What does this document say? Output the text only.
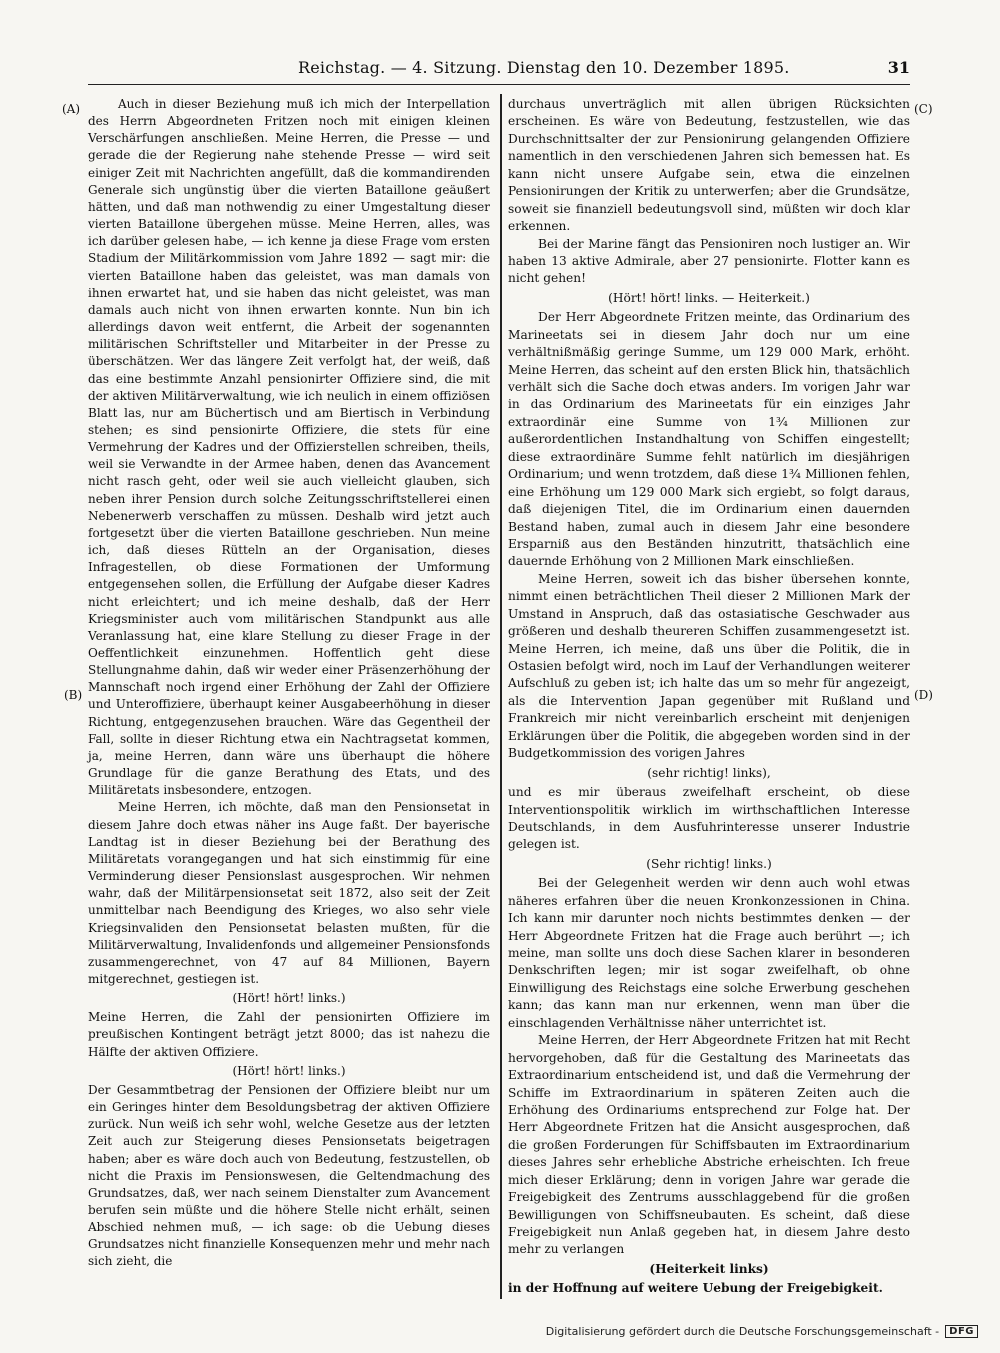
Reichstag. — 4. Sitzung. Dienstag den 10. Dezember 1895.	31
(A)
(B)
(C)
(D)

Auch in dieser Beziehung muß ich mich der Interpellation des Herrn Abgeordneten Fritzen noch mit einigen kleinen Verschärfungen anschließen. Meine Herren, die Presse — und gerade die der Regierung nahe stehende Presse — wird seit einiger Zeit mit Nachrichten angefüllt, daß die kommandirenden Generale sich ungünstig über die vierten Bataillone geäußert hätten, und daß man nothwendig zu einer Umgestaltung dieser vierten Bataillone übergehen müsse. Meine Herren, alles, was ich darüber gelesen habe, — ich kenne ja diese Frage vom ersten Stadium der Militärkommission vom Jahre 1892 — sagt mir: die vierten Bataillone haben das geleistet, was man damals von ihnen erwartet hat, und sie haben das nicht geleistet, was man damals auch nicht von ihnen erwarten konnte. Nun bin ich allerdings davon weit entfernt, die Arbeit der sogenannten militärischen Schriftsteller und Mitarbeiter in der Presse zu überschätzen. Wer das längere Zeit verfolgt hat, der weiß, daß das eine bestimmte Anzahl pensionirter Offiziere sind, die mit der aktiven Militärverwaltung, wie ich neulich in einem offiziösen Blatt las, nur am Büchertisch und am Biertisch in Verbindung stehen; es sind pensionirte Offiziere, die stets für eine Vermehrung der Kadres und der Offizierstellen schreiben, theils, weil sie Verwandte in der Armee haben, denen das Avancement nicht rasch geht, oder weil sie auch vielleicht glauben, sich neben ihrer Pension durch solche Zeitungsschriftstellerei einen Nebenerwerb verschaffen zu müssen. Deshalb wird jetzt auch fortgesetzt über die vierten Bataillone geschrieben. Nun meine ich, daß dieses Rütteln an der Organisation, dieses Infragestellen, ob diese Formationen der Umformung entgegensehen sollen, die Erfüllung der Aufgabe dieser Kadres nicht erleichtert; und ich meine deshalb, daß der Herr Kriegsminister auch vom militärischen Standpunkt aus alle Veranlassung hat, eine klare Stellung zu dieser Frage in der Oeffentlichkeit einzunehmen. Hoffentlich geht diese Stellungnahme dahin, daß wir weder einer Präsenzerhöhung der Mannschaft noch irgend einer Erhöhung der Zahl der Offiziere und Unteroffiziere, überhaupt keiner Ausgabeerhöhung in dieser Richtung, entgegenzusehen brauchen. Wäre das Gegentheil der Fall, sollte in dieser Richtung etwa ein Nachtragsetat kommen, ja, meine Herren, dann wäre uns überhaupt die höhere Grundlage für die ganze Berathung des Etats, und des Militäretats insbesondere, entzogen.

Meine Herren, ich möchte, daß man den Pensionsetat in diesem Jahre doch etwas näher ins Auge faßt. Der bayerische Landtag ist in dieser Beziehung bei der Berathung des Militäretats vorangegangen und hat sich einstimmig für eine Verminderung dieser Pensionslast ausgesprochen. Wir nehmen wahr, daß der Militärpensionsetat seit 1872, also seit der Zeit unmittelbar nach Beendigung des Krieges, wo also sehr viele Kriegsinvaliden den Pensionsetat belasten mußten, für die Militärverwaltung, Invalidenfonds und allgemeiner Pensionsfonds zusammengerechnet, von 47 auf 84 Millionen, Bayern mitgerechnet, gestiegen ist.

(Hört! hört! links.)

Meine Herren, die Zahl der pensionirten Offiziere im preußischen Kontingent beträgt jetzt 8000; das ist nahezu die Hälfte der aktiven Offiziere.

(Hört! hört! links.)

Der Gesammtbetrag der Pensionen der Offiziere bleibt nur um ein Geringes hinter dem Besoldungsbetrag der aktiven Offiziere zurück. Nun weiß ich sehr wohl, welche Gesetze aus der letzten Zeit auch zur Steigerung dieses Pensionsetats beigetragen haben; aber es wäre doch auch von Bedeutung, festzustellen, ob nicht die Praxis im Pensionswesen, die Geltendmachung des Grundsatzes, daß, wer nach seinem Dienstalter zum Avancement berufen sein müßte und die höhere Stelle nicht erhält, seinen Abschied nehmen muß, — ich sage: ob die Uebung dieses Grundsatzes nicht finanzielle Konsequenzen mehr und mehr nach sich zieht, die

durchaus unverträglich mit allen übrigen Rücksichten erscheinen. Es wäre von Bedeutung, festzustellen, wie das Durchschnittsalter der zur Pensionirung gelangenden Offiziere namentlich in den verschiedenen Jahren sich bemessen hat. Es kann nicht unsere Aufgabe sein, etwa die einzelnen Pensionirungen der Kritik zu unterwerfen; aber die Grundsätze, soweit sie finanziell bedeutungsvoll sind, müßten wir doch klar erkennen.

Bei der Marine fängt das Pensioniren noch lustiger an. Wir haben 13 aktive Admirale, aber 27 pensionirte. Flotter kann es nicht gehen!

(Hört! hört! links. — Heiterkeit.)

Der Herr Abgeordnete Fritzen meinte, das Ordinarium des Marineetats sei in diesem Jahr doch nur um eine verhältnißmäßig geringe Summe, um 129 000 Mark, erhöht. Meine Herren, das scheint auf den ersten Blick hin, thatsächlich verhält sich die Sache doch etwas anders. Im vorigen Jahr war in das Ordinarium des Marineetats für ein einziges Jahr extraordinär eine Summe von 1¾ Millionen zur außerordentlichen Instandhaltung von Schiffen eingestellt; diese extraordinäre Summe fehlt natürlich im diesjährigen Ordinarium; und wenn trotzdem, daß diese 1¾ Millionen fehlen, eine Erhöhung um 129 000 Mark sich ergiebt, so folgt daraus, daß diejenigen Titel, die im Ordinarium einen dauernden Bestand haben, zumal auch in diesem Jahr eine besondere Ersparniß aus den Beständen hinzutritt, thatsächlich eine dauernde Erhöhung von 2 Millionen Mark einschließen.

Meine Herren, soweit ich das bisher übersehen konnte, nimmt einen beträchtlichen Theil dieser 2 Millionen Mark der Umstand in Anspruch, daß das ostasiatische Geschwader aus größeren und deshalb theureren Schiffen zusammengesetzt ist. Meine Herren, ich meine, daß uns über die Politik, die in Ostasien befolgt wird, noch im Lauf der Verhandlungen weiterer Aufschluß zu geben ist; ich halte das um so mehr für angezeigt, als die Intervention Japan gegenüber mit Rußland und Frankreich mir nicht vereinbarlich erscheint mit denjenigen Erklärungen über die Politik, die abgegeben worden sind in der Budgetkommission des vorigen Jahres

(sehr richtig! links),

und es mir überaus zweifelhaft erscheint, ob diese Interventionspolitik wirklich im wirthschaftlichen Interesse Deutschlands, in dem Ausfuhrinteresse unserer Industrie gelegen ist.

(Sehr richtig! links.)

Bei der Gelegenheit werden wir denn auch wohl etwas näheres erfahren über die neuen Kronkonzessionen in China. Ich kann mir darunter noch nichts bestimmtes denken — der Herr Abgeordnete Fritzen hat die Frage auch berührt —; ich meine, man sollte uns doch diese Sachen klarer in besonderen Denkschriften legen; mir ist sogar zweifelhaft, ob ohne Einwilligung des Reichstags eine solche Erwerbung geschehen kann; das kann man nur erkennen, wenn man über die einschlagenden Verhältnisse näher unterrichtet ist.

Meine Herren, der Herr Abgeordnete Fritzen hat mit Recht hervorgehoben, daß für die Gestaltung des Marineetats das Extraordinarium entscheidend ist, und daß die Vermehrung der Schiffe im Extraordinarium in späteren Zeiten auch die Erhöhung des Ordinariums entsprechend zur Folge hat. Der Herr Abgeordnete Fritzen hat die Ansicht ausgesprochen, daß die großen Forderungen für Schiffsbauten im Extraordinarium dieses Jahres sehr erhebliche Abstriche erheischten. Ich freue mich dieser Erklärung; denn in vorigen Jahre war gerade die Freigebigkeit des Zentrums ausschlaggebend für die großen Bewilligungen von Schiffsneubauten. Es scheint, daß diese Freigebigkeit nun Anlaß gegeben hat, in diesem Jahre desto mehr zu verlangen

(Heiterkeit links)

in der Hoffnung auf weitere Uebung der Freigebigkeit.

Digitalisierung gefördert durch die Deutsche Forschungsgemeinschaft -	DFG
